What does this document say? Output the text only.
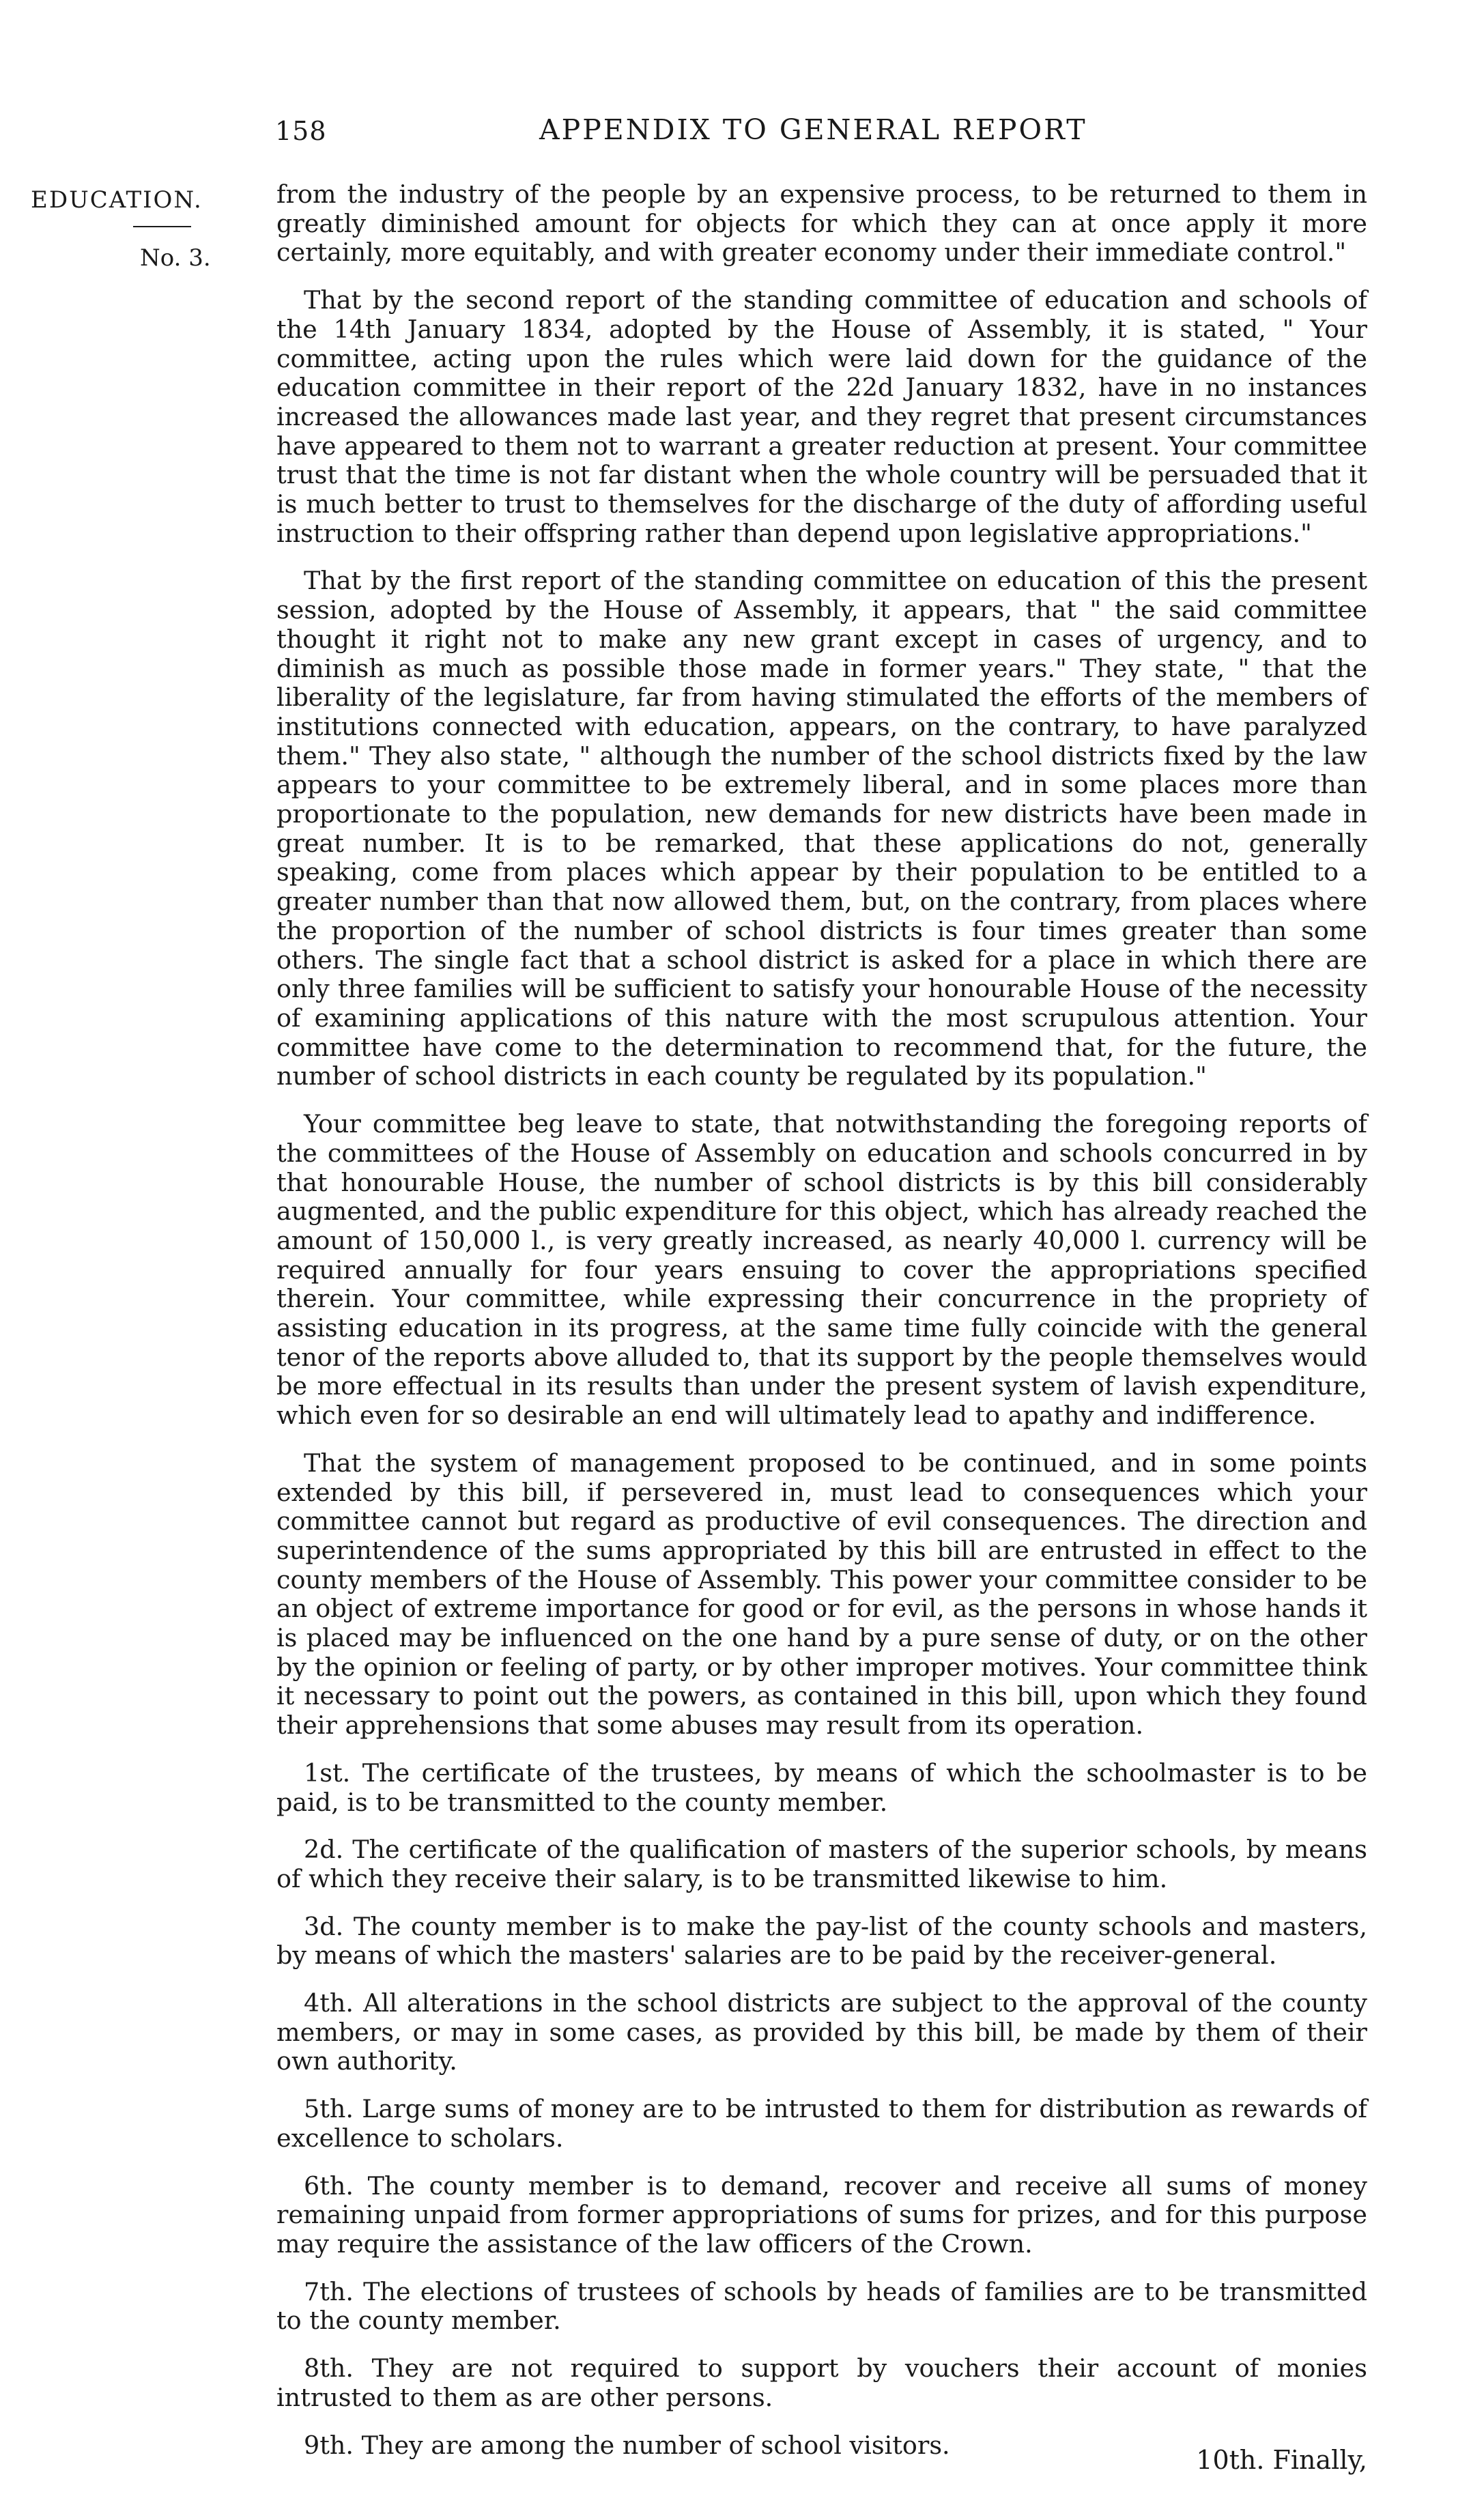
158	APPENDIX TO GENERAL REPORT
EDUCATION.
No. 3.

from the industry of the people by an expensive process, to be returned to them in greatly diminished amount for objects for which they can at once apply it more certainly, more equitably, and with greater economy under their immediate control."

That by the second report of the standing committee of education and schools of the 14th January 1834, adopted by the House of Assembly, it is stated, " Your committee, acting upon the rules which were laid down for the guidance of the education committee in their report of the 22d January 1832, have in no instances increased the allowances made last year, and they regret that present circumstances have appeared to them not to warrant a greater reduction at present. Your committee trust that the time is not far distant when the whole country will be persuaded that it is much better to trust to themselves for the discharge of the duty of affording useful instruction to their offspring rather than depend upon legislative appropriations."

That by the first report of the standing committee on education of this the present session, adopted by the House of Assembly, it appears, that " the said committee thought it right not to make any new grant except in cases of urgency, and to diminish as much as possible those made in former years." They state, " that the liberality of the legislature, far from having stimulated the efforts of the members of institutions connected with education, appears, on the contrary, to have paralyzed them." They also state, " although the number of the school districts fixed by the law appears to your committee to be extremely liberal, and in some places more than proportionate to the population, new demands for new districts have been made in great number. It is to be remarked, that these applications do not, generally speaking, come from places which appear by their population to be entitled to a greater number than that now allowed them, but, on the contrary, from places where the proportion of the number of school districts is four times greater than some others. The single fact that a school district is asked for a place in which there are only three families will be sufficient to satisfy your honourable House of the necessity of examining applications of this nature with the most scrupulous attention. Your committee have come to the determination to recommend that, for the future, the number of school districts in each county be regulated by its population."

Your committee beg leave to state, that notwithstanding the foregoing reports of the committees of the House of Assembly on education and schools concurred in by that honourable House, the number of school districts is by this bill considerably augmented, and the public expenditure for this object, which has already reached the amount of 150,000 l., is very greatly increased, as nearly 40,000 l. currency will be required annually for four years ensuing to cover the appropriations specified therein. Your committee, while expressing their concurrence in the propriety of assisting education in its progress, at the same time fully coincide with the general tenor of the reports above alluded to, that its support by the people themselves would be more effectual in its results than under the present system of lavish expenditure, which even for so desirable an end will ultimately lead to apathy and indifference.

That the system of management proposed to be continued, and in some points extended by this bill, if persevered in, must lead to consequences which your committee cannot but regard as productive of evil consequences. The direction and superintendence of the sums appropriated by this bill are entrusted in effect to the county members of the House of Assembly. This power your committee consider to be an object of extreme importance for good or for evil, as the persons in whose hands it is placed may be influenced on the one hand by a pure sense of duty, or on the other by the opinion or feeling of party, or by other improper motives. Your committee think it necessary to point out the powers, as contained in this bill, upon which they found their apprehensions that some abuses may result from its operation.

1st. The certificate of the trustees, by means of which the schoolmaster is to be paid, is to be transmitted to the county member.

2d. The certificate of the qualification of masters of the superior schools, by means of which they receive their salary, is to be transmitted likewise to him.

3d. The county member is to make the pay-list of the county schools and masters, by means of which the masters' salaries are to be paid by the receiver-general.

4th. All alterations in the school districts are subject to the approval of the county members, or may in some cases, as provided by this bill, be made by them of their own authority.

5th. Large sums of money are to be intrusted to them for distribution as rewards of excellence to scholars.

6th. The county member is to demand, recover and receive all sums of money remaining unpaid from former appropriations of sums for prizes, and for this purpose may require the assistance of the law officers of the Crown.

7th. The elections of trustees of schools by heads of families are to be transmitted to the county member.

8th. They are not required to support by vouchers their account of monies intrusted to them as are other persons.

9th. They are among the number of school visitors.	10th. Finally,
